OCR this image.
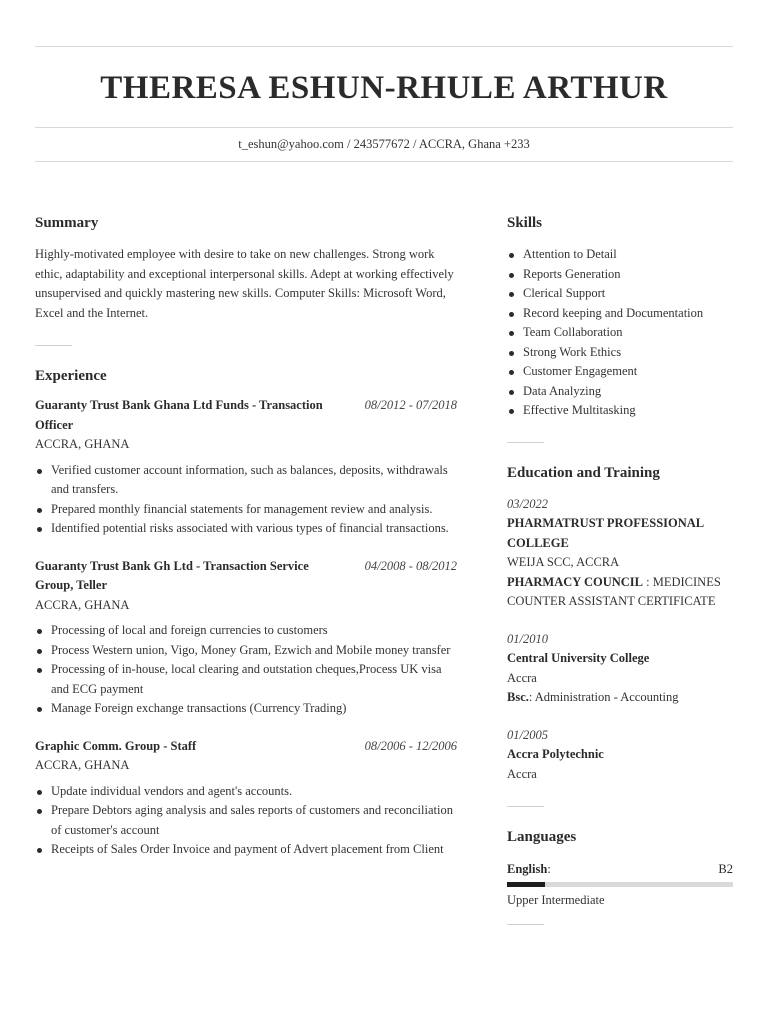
THERESA ESHUN-RHULE ARTHUR
t_eshun@yahoo.com / 243577672 / ACCRA, Ghana +233
Summary
Highly-motivated employee with desire to take on new challenges. Strong work ethic, adaptability and exceptional interpersonal skills. Adept at working effectively unsupervised and quickly mastering new skills. Computer Skills: Microsoft Word, Excel and the Internet.
Experience
Guaranty Trust Bank Ghana Ltd Funds - Transaction Officer
08/2012 - 07/2018
ACCRA, GHANA
Verified customer account information, such as balances, deposits, withdrawals and transfers.
Prepared monthly financial statements for management review and analysis.
Identified potential risks associated with various types of financial transactions.
Guaranty Trust Bank Gh Ltd - Transaction Service Group, Teller
04/2008 - 08/2012
ACCRA, GHANA
Processing of local and foreign currencies to customers
Process Western union, Vigo, Money Gram, Ezwich and Mobile money transfer
Processing of in-house, local clearing and outstation cheques,Process UK visa and ECG payment
Manage Foreign exchange transactions (Currency Trading)
Graphic Comm. Group - Staff	08/2006 - 12/2006
ACCRA, GHANA
Update individual vendors and agent's accounts.
Prepare Debtors aging analysis and sales reports of customers and reconciliation of customer's account
Receipts of Sales Order Invoice and payment of Advert placement from Client
Skills
Attention to Detail
Reports Generation
Clerical Support
Record keeping and Documentation
Team Collaboration
Strong Work Ethics
Customer Engagement
Data Analyzing
Effective Multitasking
Education and Training
03/2022
PHARMATRUST PROFESSIONAL COLLEGE
WEIJA SCC, ACCRA
PHARMACY COUNCIL : MEDICINES COUNTER ASSISTANT CERTIFICATE
01/2010
Central University College
Accra
Bsc.: Administration - Accounting
01/2005
Accra Polytechnic
Accra
Languages
English:	B2
Upper Intermediate
